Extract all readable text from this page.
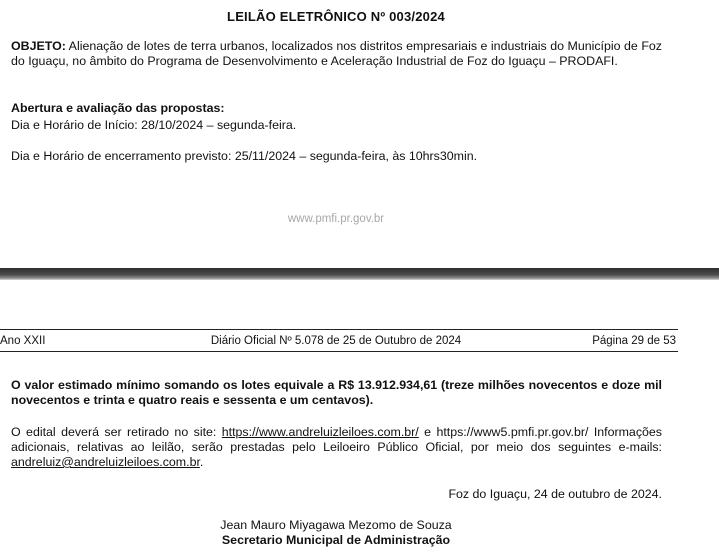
LEILÃO ELETRÔNICO Nº 003/2024
OBJETO: Alienação de lotes de terra urbanos, localizados nos distritos empresariais e industriais do Município de Foz do Iguaçu, no âmbito do Programa de Desenvolvimento e Aceleração Industrial de Foz do Iguaçu – PRODAFI.
Abertura e avaliação das propostas:
Dia e Horário de Início: 28/10/2024 – segunda-feira.
Dia e Horário de encerramento previsto: 25/11/2024 – segunda-feira, às 10hrs30min.
www.pmfi.pr.gov.br
Ano XXII	Diário Oficial Nº 5.078 de 25 de Outubro de 2024	Página 29 de 53
O valor estimado mínimo somando os lotes equivale a R$ 13.912.934,61 (treze milhões novecentos e doze mil novecentos e trinta e quatro reais e sessenta e um centavos).
O edital deverá ser retirado no site: https://www.andreluizleiloes.com.br/ e https://www5.pmfi.pr.gov.br/ Informações adicionais, relativas ao leilão, serão prestadas pelo Leiloeiro Público Oficial, por meio dos seguintes e-mails: andreluiz@andreluizleiloes.com.br.
Foz do Iguaçu, 24 de outubro de 2024.
Jean Mauro Miyagawa Mezomo de Souza
Secretario Municipal de Administração
